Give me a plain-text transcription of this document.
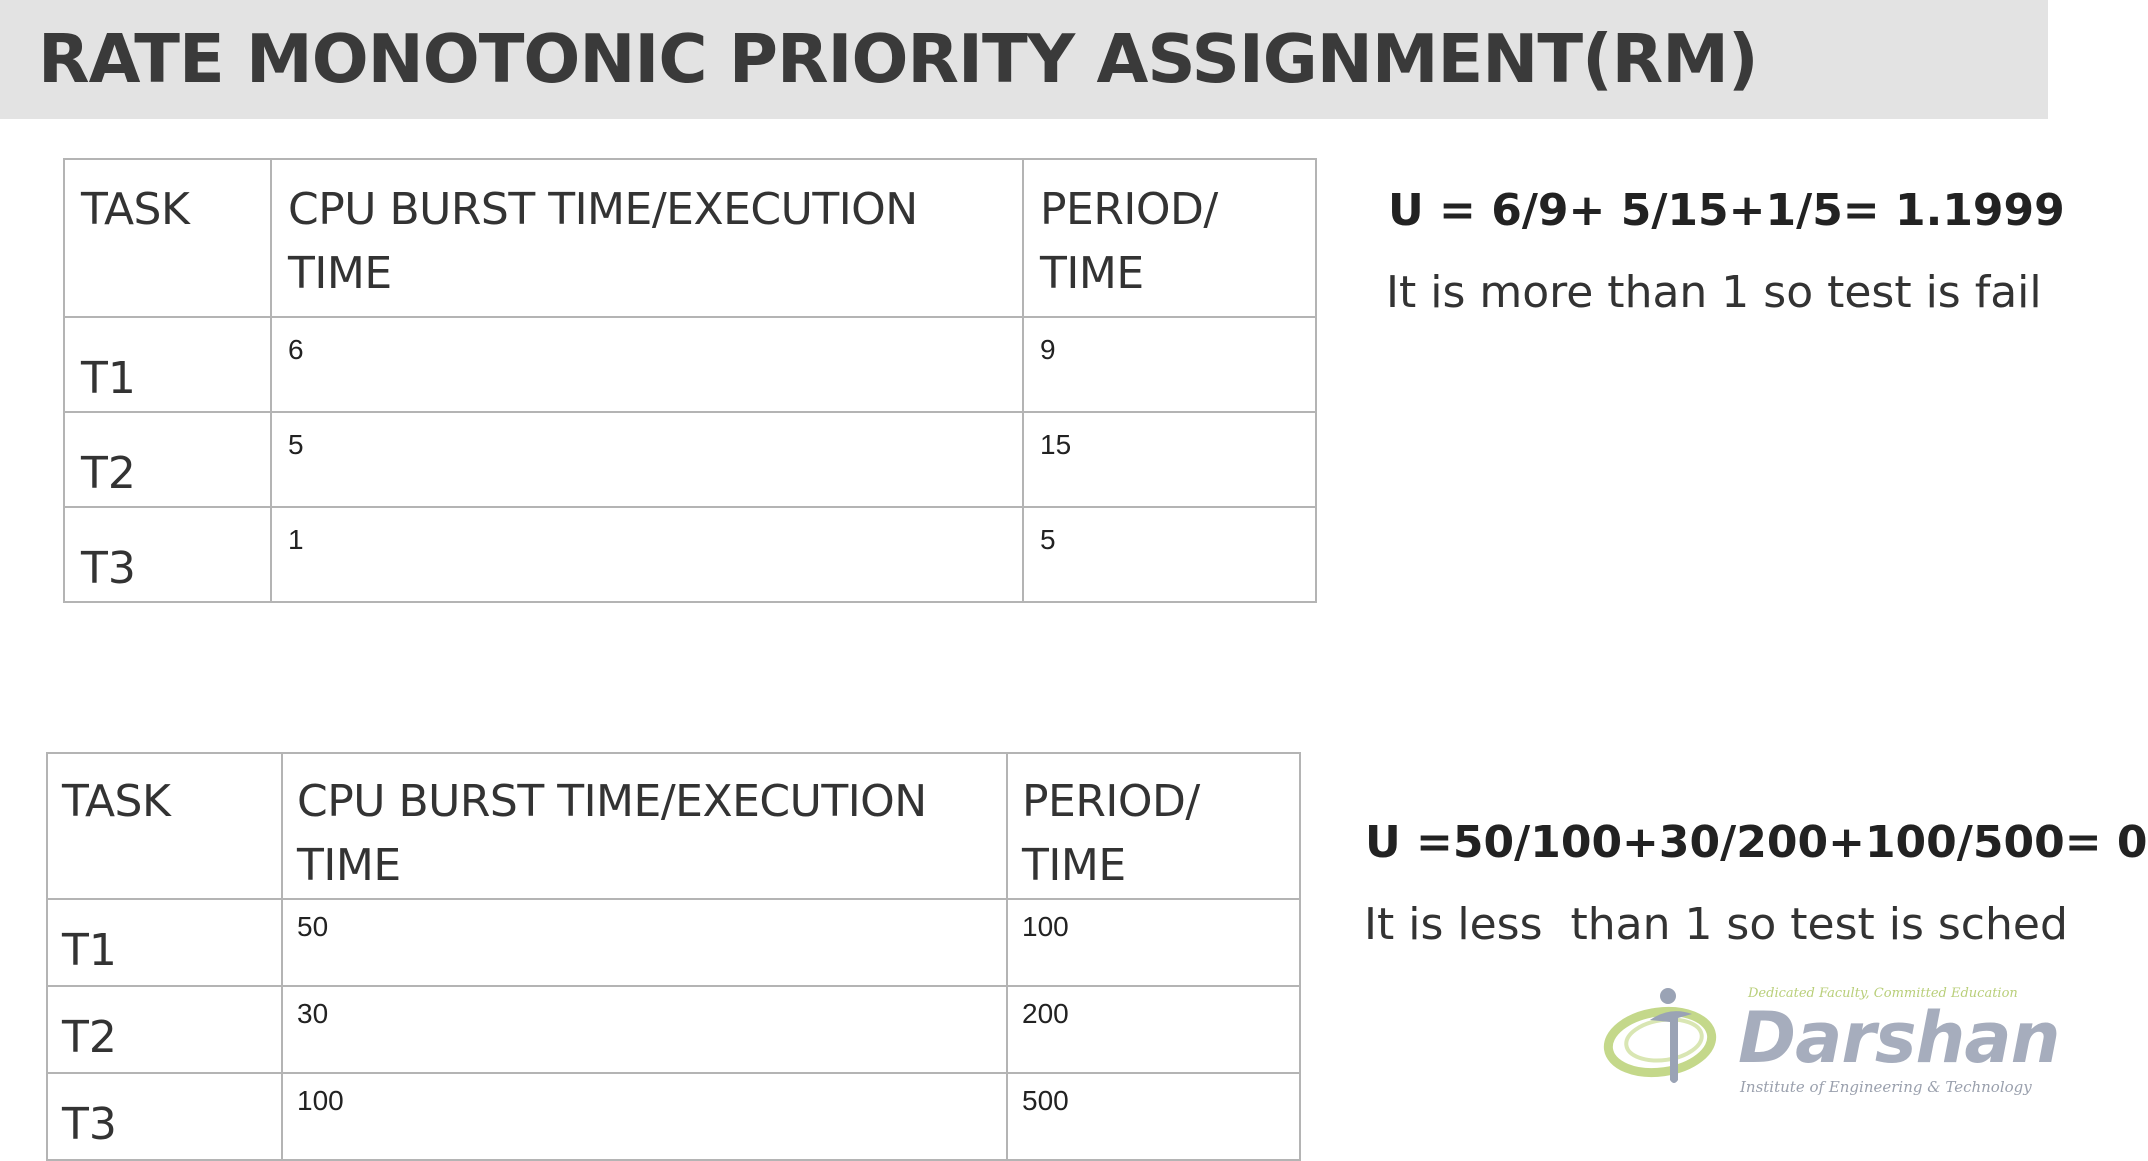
RATE MONOTONIC PRIORITY ASSIGNMENT(RM)
TASK	CPU BURST TIME/EXECUTION TIME	PERIOD/ TIME

T1	6	9

T2	5	15

T3	1	5
U = 6/9+ 5/15+1/5= 1.1999
It is more than 1 so test is fail
TASK	CPU BURST TIME/EXECUTION TIME	PERIOD/ TIME

T1	50	100

T2	30	200

T3	100	500
U =50/100+30/200+100/500= 0
It is less  than 1 so test is sched
Dedicated Faculty, Committed Education
Darshan
Institute of Engineering & Technology
